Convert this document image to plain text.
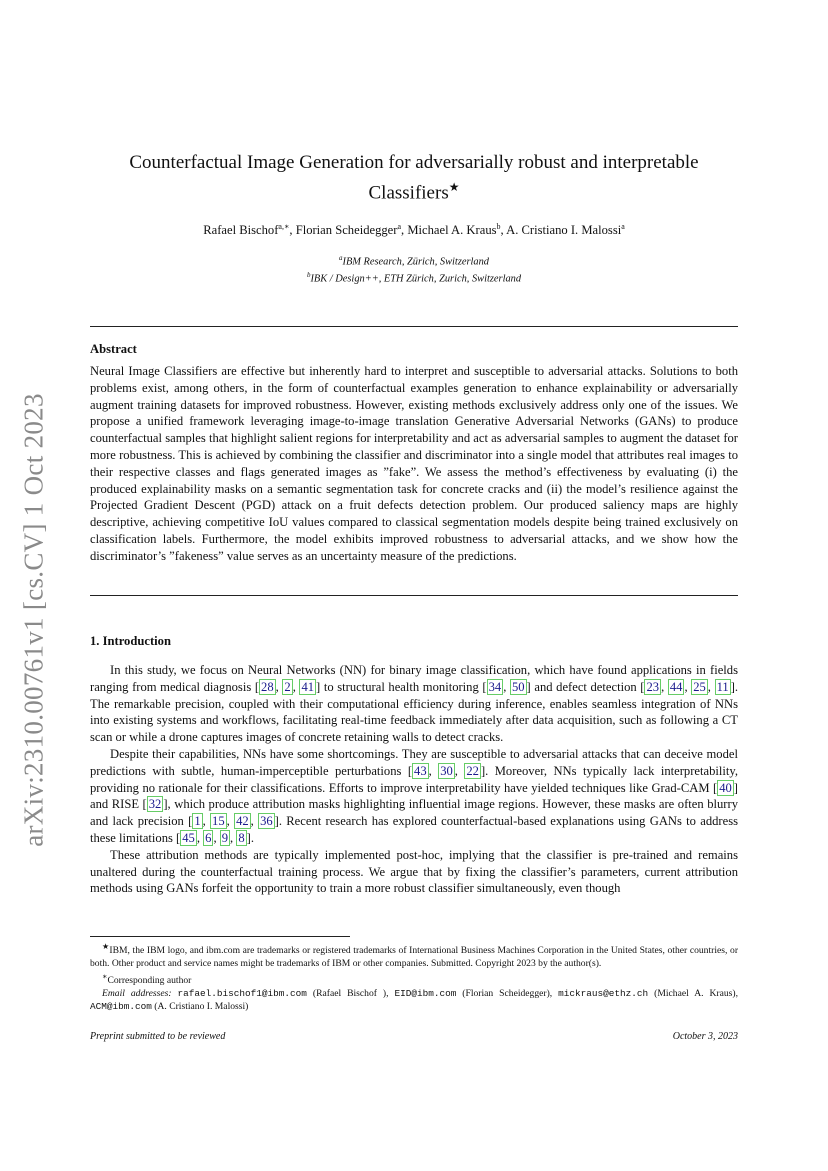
arXiv:2310.00761v1 [cs.CV] 1 Oct 2023
Counterfactual Image Generation for adversarially robust and interpretable
Classifiers★
Rafael Bischof$^{a,∗}$, Florian Scheidegger$^a$, Michael A. Kraus$^b$, A. Cristiano I. Malossi$^a$
$^a$IBM Research, Zürich, Switzerland
$^b$IBK / Design++, ETH Zürich, Zurich, Switzerland
Abstract
Neural Image Classifiers are effective but inherently hard to interpret and susceptible to adversarial attacks. Solutions to both problems exist, among others, in the form of counterfactual examples generation to enhance explainability or adversarially augment training datasets for improved robustness. However, existing methods exclusively address only one of the issues. We propose a unified framework leveraging image-to-image translation Generative Adversarial Networks (GANs) to produce counterfactual samples that highlight salient regions for interpretability and act as adversarial samples to augment the dataset for more robustness. This is achieved by combining the classifier and discriminator into a single model that attributes real images to their respective classes and flags generated images as ”fake”. We assess the method’s effectiveness by evaluating (i) the produced explainability masks on a semantic segmentation task for concrete cracks and (ii) the model’s resilience against the Projected Gradient Descent (PGD) attack on a fruit defects detection problem. Our produced saliency maps are highly descriptive, achieving competitive IoU values compared to classical segmentation models despite being trained exclusively on classification labels. Furthermore, the model exhibits improved robustness to adversarial attacks, and we show how the discriminator’s ”fakeness” value serves as an uncertainty measure of the predictions.
1. Introduction

In this study, we focus on Neural Networks (NN) for binary image classification, which have found applications in fields ranging from medical diagnosis [ 28 , 2 , 41 ] to structural health monitoring [ 34 , 50 ] and defect detection [ 23 , 44 , 25 , 11 ]. The remarkable precision, coupled with their computational efficiency during inference, enables seamless integration of NNs into existing systems and workflows, facilitating real-time feedback immediately after data acquisition, such as following a CT scan or while a drone captures images of concrete retaining walls to detect cracks.

Despite their capabilities, NNs have some shortcomings. They are susceptible to adversarial attacks that can deceive model predictions with subtle, human-imperceptible perturbations [ 43 , 30 , 22 ]. Moreover, NNs typically lack interpretability, providing no rationale for their classifications. Efforts to improve interpretability have yielded techniques like Grad-CAM [ 40 ] and RISE [ 32 ], which produce attribution masks highlighting influential image regions. However, these masks are often blurry and lack precision [ 1 , 15 , 42 , 36 ]. Recent research has explored counterfactual-based explanations using GANs to address these limitations [ 45 , 6 , 9 , 8 ].

These attribution methods are typically implemented post-hoc, implying that the classifier is pre-trained and remains unaltered during the counterfactual training process. We argue that by fixing the classifier’s parameters, current attribution methods using GANs forfeit the opportunity to train a more robust classifier simultaneously, even though

★IBM, the IBM logo, and ibm.com are trademarks or registered trademarks of International Business Machines Corporation in the United States, other countries, or both. Other product and service names might be trademarks of IBM or other companies. Submitted. Copyright 2023 by the author(s).
∗Corresponding author
Email addresses: rafael.bischof1@ibm.com (Rafael Bischof ), EID@ibm.com (Florian Scheidegger), mickraus@ethz.ch (Michael A. Kraus), ACM@ibm.com (A. Cristiano I. Malossi)
Preprint submitted to be reviewed	October 3, 2023
